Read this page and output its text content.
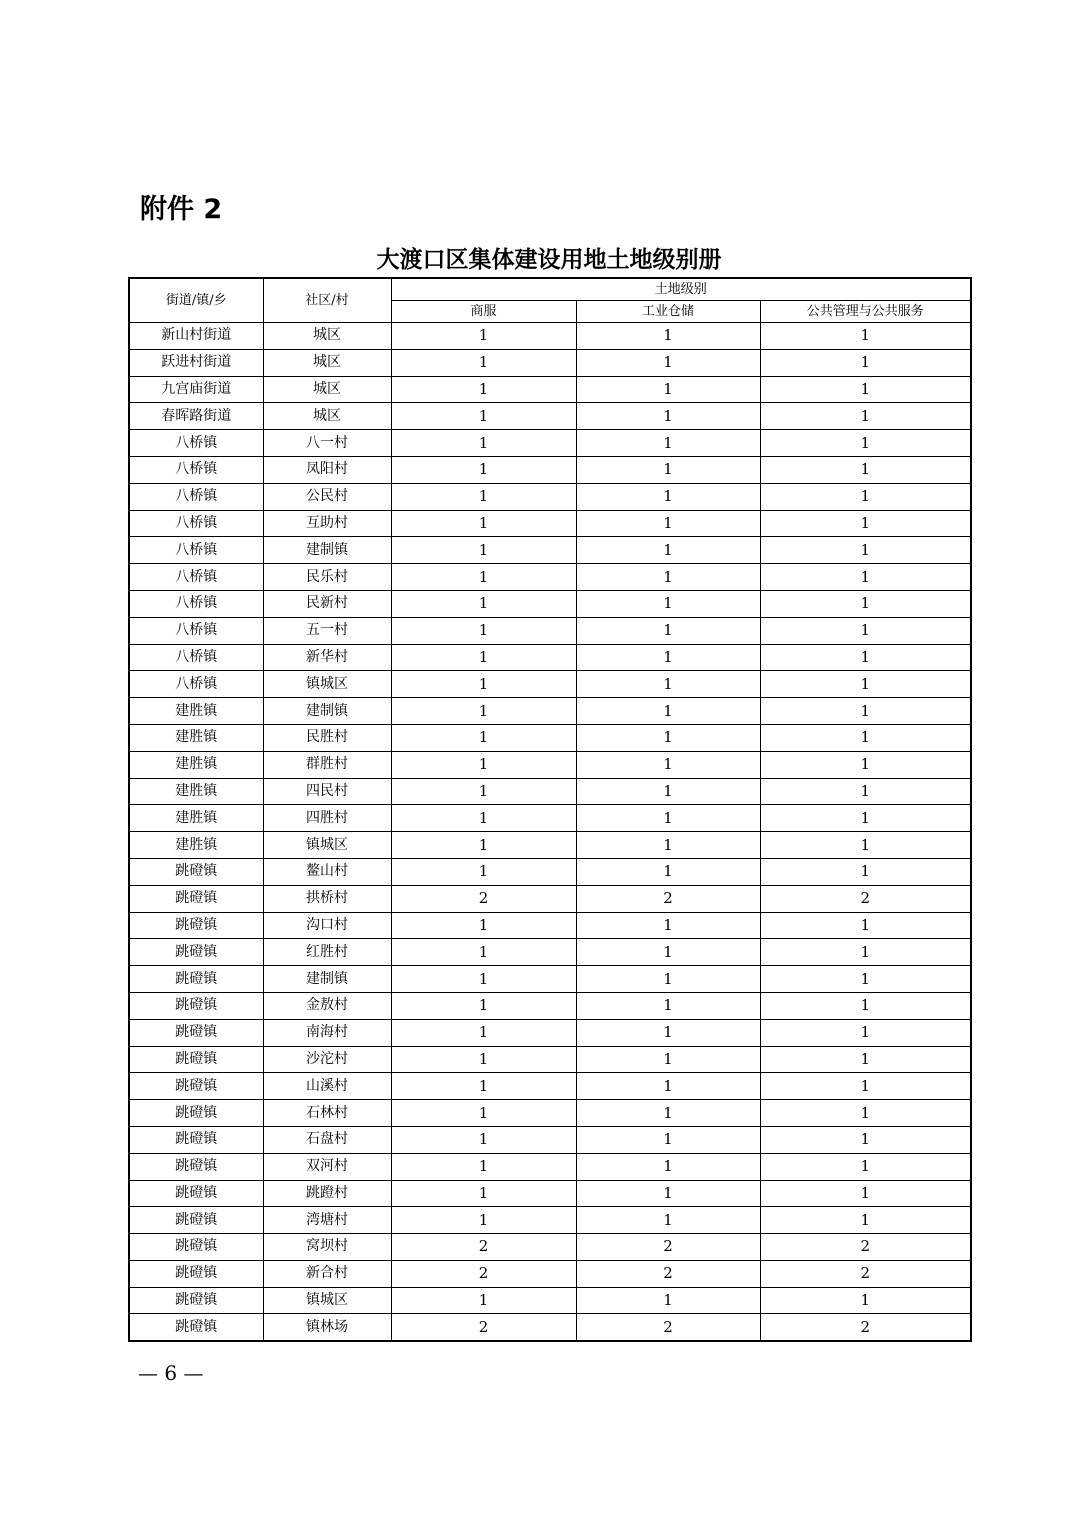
附件 2
大渡口区集体建设用地土地级别册
街道/镇/乡	社区/村	土地级别		
		商服	工业仓储	公共管理与公共服务
新山村街道	城区	1	1	1
跃进村街道	城区	1	1	1
九宫庙街道	城区	1	1	1
春晖路街道	城区	1	1	1
八桥镇	八一村	1	1	1
八桥镇	凤阳村	1	1	1
八桥镇	公民村	1	1	1
八桥镇	互助村	1	1	1
八桥镇	建制镇	1	1	1
八桥镇	民乐村	1	1	1
八桥镇	民新村	1	1	1
八桥镇	五一村	1	1	1
八桥镇	新华村	1	1	1
八桥镇	镇城区	1	1	1
建胜镇	建制镇	1	1	1
建胜镇	民胜村	1	1	1
建胜镇	群胜村	1	1	1
建胜镇	四民村	1	1	1
建胜镇	四胜村	1	1	1
建胜镇	镇城区	1	1	1
跳磴镇	鳌山村	1	1	1
跳磴镇	拱桥村	2	2	2
跳磴镇	沟口村	1	1	1
跳磴镇	红胜村	1	1	1
跳磴镇	建制镇	1	1	1
跳磴镇	金敖村	1	1	1
跳磴镇	南海村	1	1	1
跳磴镇	沙沱村	1	1	1
跳磴镇	山溪村	1	1	1
跳磴镇	石林村	1	1	1
跳磴镇	石盘村	1	1	1
跳磴镇	双河村	1	1	1
跳磴镇	跳蹬村	1	1	1
跳磴镇	湾塘村	1	1	1
跳磴镇	窝坝村	2	2	2
跳磴镇	新合村	2	2	2
跳磴镇	镇城区	1	1	1
跳磴镇	镇林场	2	2	2
— 6 —
